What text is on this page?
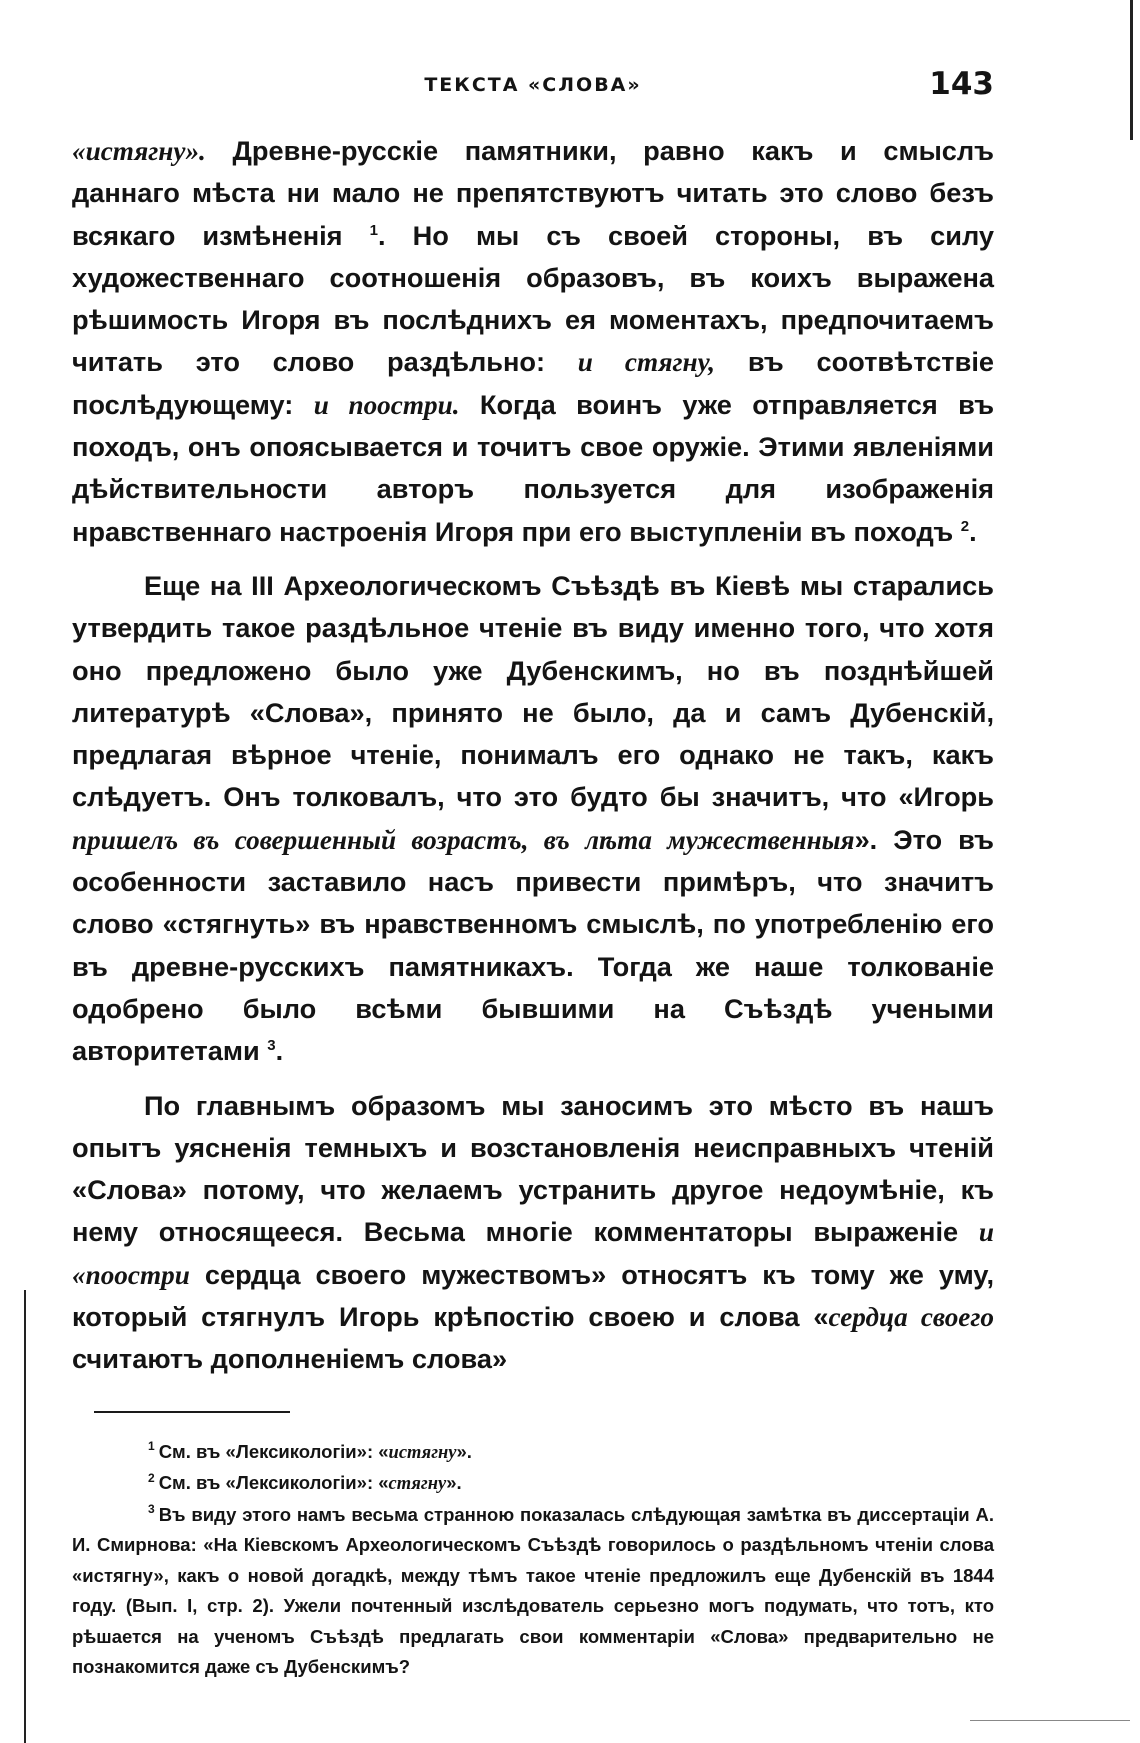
ТЕКСТА «СЛОВА»	143

«истягну». Древне-русскіе памятники, равно какъ и смыслъ даннаго мѣста ни мало не препятствуютъ читать это слово безъ всякаго измѣненія $^1$. Но мы съ своей стороны, въ силу художественнаго соотношенія образовъ, въ коихъ выражена рѣшимость Игоря въ послѣднихъ ея моментахъ, предпочитаемъ читать это слово раздѣльно: и стягну, въ соотвѣтствіе послѣдующему: и поостри. Когда воинъ уже отправляется въ походъ, онъ опоясывается и точитъ свое оружіе. Этими явленіями дѣйствительности авторъ пользуется для изображенія нравственнаго настроенія Игоря при его выступленіи въ походъ $^2$.

Еще на III Археологическомъ Съѣздѣ въ Кіевѣ мы старались утвердить такое раздѣльное чтеніе въ виду именно того, что хотя оно предложено было уже Дубенскимъ, но въ позднѣйшей литературѣ «Слова», принято не было, да и самъ Дубенскій, предлагая вѣрное чтеніе, понималъ его однако не такъ, какъ слѣдуетъ. Онъ толковалъ, что это будто бы значитъ, что «Игорь пришелъ въ совершенный возрастъ, въ лѣта мужественныя». Это въ особенности заставило насъ привести примѣръ, что значитъ слово «стягнуть» въ нравственномъ смыслѣ, по употребленію его въ древне-русскихъ памятникахъ. Тогда же наше толкованіе одобрено было всѣми бывшими на Съѣздѣ учеными авторитетами $^3$.

По главнымъ образомъ мы заносимъ это мѣсто въ нашъ опытъ уясненія темныхъ и возстановленія неисправныхъ чтеній «Слова» потому, что желаемъ устранить другое недоумѣніе, къ нему относящееся. Весьма многіе комментаторы выраженіе и «поостри сердца своего мужествомъ» относятъ къ тому же уму, который стягнулъ Игорь крѣпостію своею и слова «сердца своего считаютъ дополненіемъ слова»

$^1$ См. въ «Лексикологіи»: «истягну».
$^2$ См. въ «Лексикологіи»: «стягну».
$^3$ Въ виду этого намъ весьма странною показалась слѣдующая замѣтка въ диссертаціи А. И. Смирнова: «На Кіевскомъ Археологическомъ Съѣздѣ говорилось о раздѣльномъ чтеніи слова «истягну», какъ о новой догадкѣ, между тѣмъ такое чтеніе предложилъ еще Дубенскій въ 1844 году. (Вып. I, стр. 2). Ужели почтенный изслѣдователь серьезно могъ подумать, что тотъ, кто рѣшается на ученомъ Съѣздѣ предлагать свои комментаріи «Слова» предварительно не познакомится даже съ Дубенскимъ?
